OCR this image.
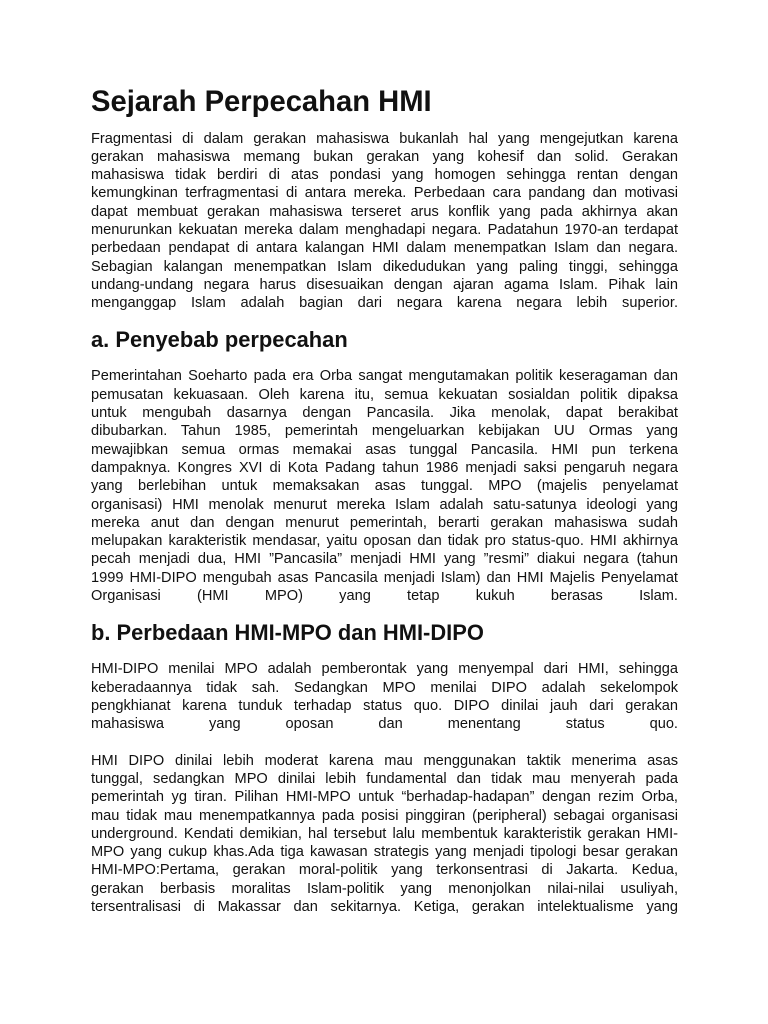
Sejarah Perpecahan HMI
Fragmentasi di dalam gerakan mahasiswa bukanlah hal yang mengejutkan karena
gerakan mahasiswa memang bukan gerakan yang kohesif dan solid. Gerakan
mahasiswa tidak berdiri di atas pondasi yang homogen sehingga rentan dengan
kemungkinan terfragmentasi di antara mereka. Perbedaan cara pandang dan motivasi
dapat membuat gerakan mahasiswa terseret arus konflik yang pada akhirnya akan
menurunkan kekuatan mereka dalam menghadapi negara. Padatahun 1970-an terdapat
perbedaan pendapat di antara kalangan HMI dalam menempatkan Islam dan negara.
Sebagian kalangan menempatkan Islam dikedudukan yang paling tinggi, sehingga
undang-undang negara harus disesuaikan dengan ajaran agama Islam. Pihak lain
menganggap Islam adalah bagian dari negara karena negara lebih superior.
a. Penyebab perpecahan
Pemerintahan Soeharto pada era Orba sangat mengutamakan politik keseragaman dan
pemusatan kekuasaan. Oleh karena itu, semua kekuatan sosialdan politik dipaksa
untuk mengubah dasarnya dengan Pancasila. Jika menolak, dapat berakibat
dibubarkan. Tahun 1985, pemerintah mengeluarkan kebijakan UU Ormas yang
mewajibkan semua ormas memakai asas tunggal Pancasila. HMI pun terkena
dampaknya. Kongres XVI di Kota Padang tahun 1986 menjadi saksi pengaruh negara
yang berlebihan untuk memaksakan asas tunggal. MPO (majelis penyelamat
organisasi) HMI menolak menurut mereka Islam adalah satu-satunya ideologi yang
mereka anut dan dengan menurut pemerintah, berarti gerakan mahasiswa sudah
melupakan karakteristik mendasar, yaitu oposan dan tidak pro status-quo. HMI akhirnya
pecah menjadi dua, HMI ”Pancasila” menjadi HMI yang ”resmi” diakui negara (tahun
1999 HMI-DIPO mengubah asas Pancasila menjadi Islam) dan HMI Majelis Penyelamat
Organisasi (HMI MPO) yang tetap kukuh berasas Islam.
b. Perbedaan HMI-MPO dan HMI-DIPO
HMI-DIPO menilai MPO adalah pemberontak yang menyempal dari HMI, sehingga
keberadaannya tidak sah. Sedangkan MPO menilai DIPO adalah sekelompok
pengkhianat karena tunduk terhadap status quo. DIPO dinilai jauh dari gerakan
mahasiswa yang oposan dan menentang status quo.
HMI DIPO dinilai lebih moderat karena mau menggunakan taktik menerima asas
tunggal, sedangkan MPO dinilai lebih fundamental dan tidak mau menyerah pada
pemerintah yg tiran. Pilihan HMI-MPO untuk “berhadap-hadapan” dengan rezim Orba,
mau tidak mau menempatkannya pada posisi pinggiran (peripheral) sebagai organisasi
underground. Kendati demikian, hal tersebut lalu membentuk karakteristik gerakan HMI-
MPO yang cukup khas.Ada tiga kawasan strategis yang menjadi tipologi besar gerakan
HMI-MPO:Pertama, gerakan moral-politik yang terkonsentrasi di Jakarta. Kedua,
gerakan berbasis moralitas Islam-politik yang menonjolkan nilai-nilai usuliyah,
tersentralisasi di Makassar dan sekitarnya. Ketiga, gerakan intelektualisme yang
